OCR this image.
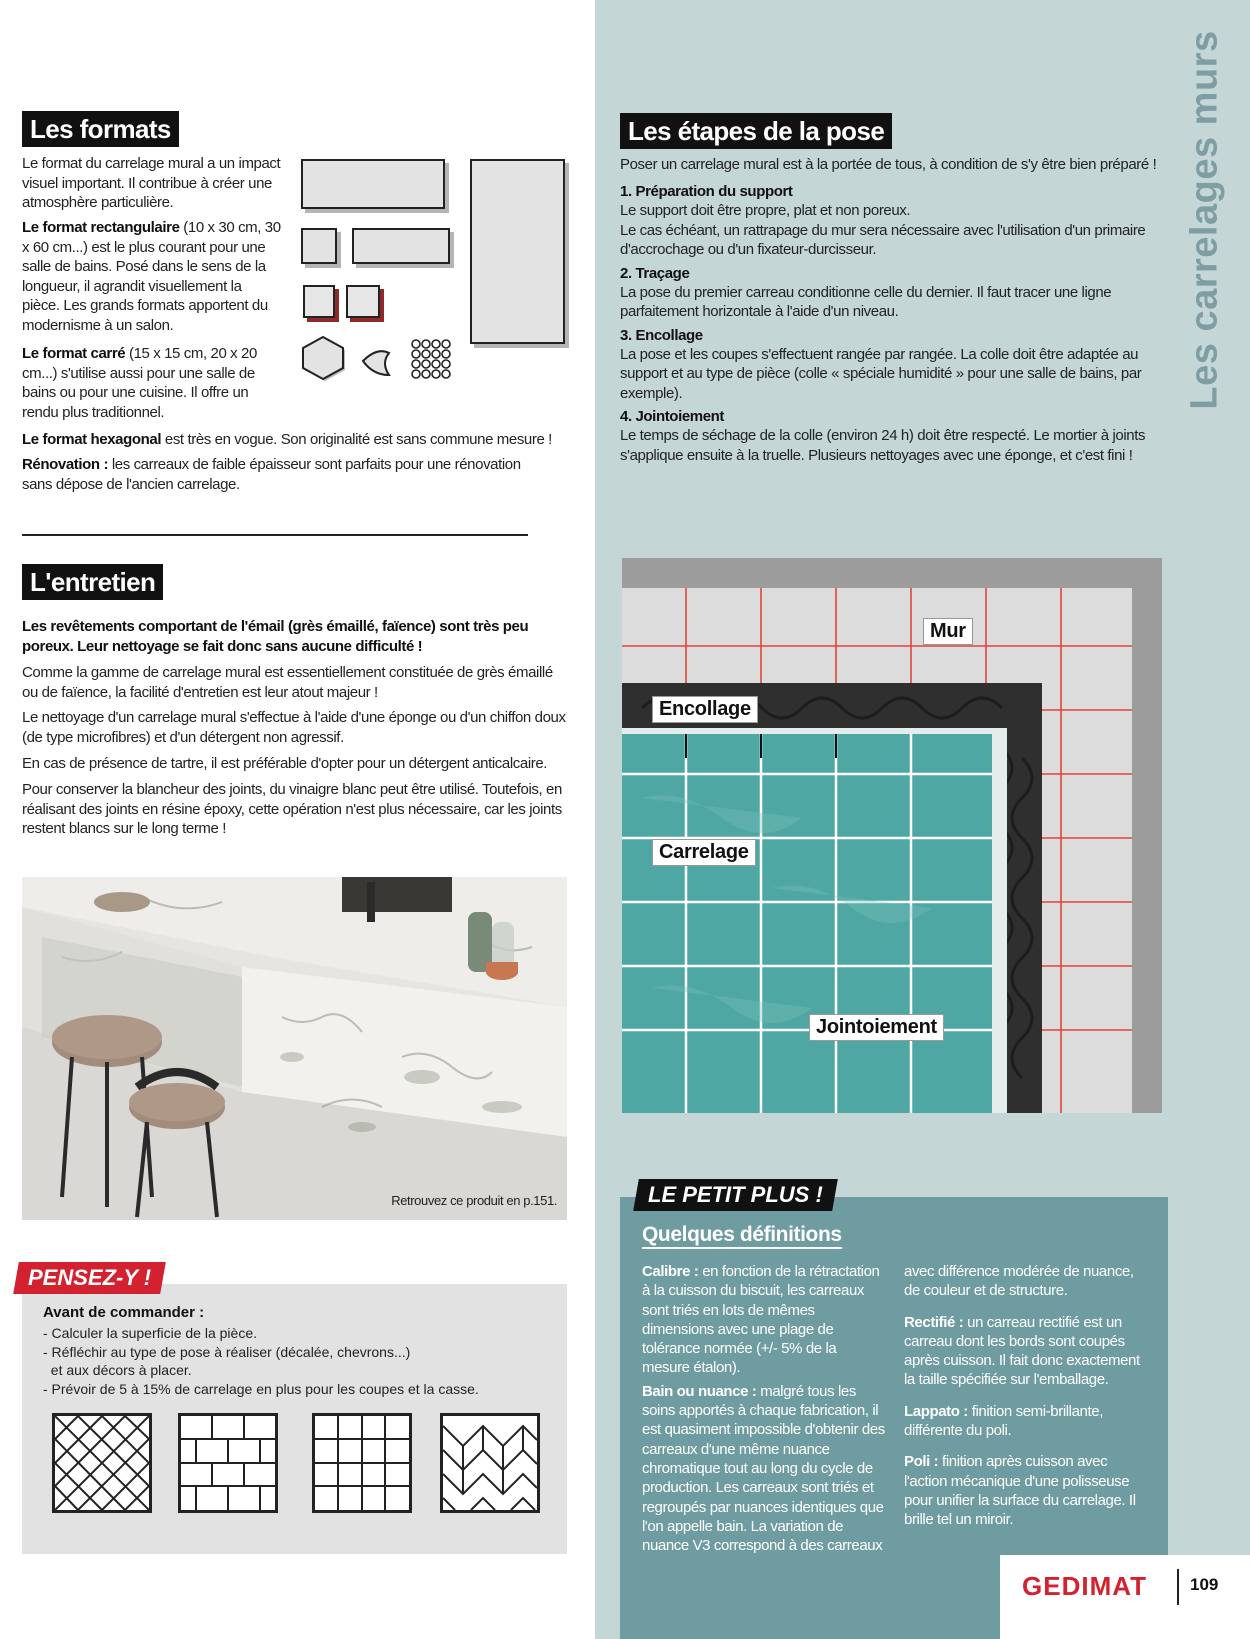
Les formats

Le format du carrelage mural a un impact visuel important. Il contribue à créer une atmosphère particulière.

Le format rectangulaire (10 x 30 cm, 30 x 60 cm...) est le plus courant pour une salle de bains. Posé dans le sens de la longueur, il agrandit visuellement la pièce. Les grands formats apportent du modernisme à un salon.

Le format carré (15 x 15 cm, 20 x 20 cm...) s'utilise aussi pour une salle de bains ou pour une cuisine. Il offre un rendu plus traditionnel.

Le format hexagonal est très en vogue. Son originalité est sans commune mesure !

Rénovation : les carreaux de faible épaisseur sont parfaits pour une rénovation sans dépose de l'ancien carrelage.

L'entretien

Les revêtements comportant de l'émail (grès émaillé, faïence) sont très peu poreux. Leur nettoyage se fait donc sans aucune difficulté !

Comme la gamme de carrelage mural est essentiellement constituée de grès émaillé ou de faïence, la facilité d'entretien est leur atout majeur !

Le nettoyage d'un carrelage mural s'effectue à l'aide d'une éponge ou d'un chiffon doux (de type microfibres) et d'un détergent non agressif.

En cas de présence de tartre, il est préférable d'opter pour un détergent anticalcaire.

Pour conserver la blancheur des joints, du vinaigre blanc peut être utilisé. Toutefois, en réalisant des joints en résine époxy, cette opération n'est plus nécessaire, car les joints restent blancs sur le long terme !

Retrouvez ce produit en p.151.
PENSEZ-Y !
Avant de commander :
- Calculer la superficie de la pièce.
- Réfléchir au type de pose à réaliser (décalée, chevrons...)
et aux décors à placer.
- Prévoir de 5 à 15% de carrelage en plus pour les coupes et la casse.
Les étapes de la pose

Poser un carrelage mural est à la portée de tous, à condition de s'y être bien préparé !

1. Préparation du support

Le support doit être propre, plat et non poreux.
Le cas échéant, un rattrapage du mur sera nécessaire avec l'utilisation d'un primaire d'accrochage ou d'un fixateur-durcisseur.

2. Traçage

La pose du premier carreau conditionne celle du dernier. Il faut tracer une ligne parfaitement horizontale à l'aide d'un niveau.

3. Encollage

La pose et les coupes s'effectuent rangée par rangée. La colle doit être adaptée au support et au type de pièce (colle « spéciale humidité » pour une salle de bains, par exemple).

4. Jointoiement

Le temps de séchage de la colle (environ 24 h) doit être respecté. Le mortier à joints s'applique ensuite à la truelle. Plusieurs nettoyages avec une éponge, et c'est fini !

Les carrelages murs
Mur
Encollage
Carrelage
Jointoiement
LE PETIT PLUS !
Quelques définitions

Calibre : en fonction de la rétractation à la cuisson du biscuit, les carreaux sont triés en lots de mêmes dimensions avec une plage de tolérance normée (+/- 5% de la mesure étalon).

Bain ou nuance : malgré tous les soins apportés à chaque fabrication, il est quasiment impossible d'obtenir des carreaux d'une même nuance chromatique tout au long du cycle de production. Les carreaux sont triés et regroupés par nuances identiques que l'on appelle bain. La variation de nuance V3 correspond à des carreaux

avec différence modérée de nuance, de couleur et de structure.

Rectifié : un carreau rectifié est un carreau dont les bords sont coupés après cuisson. Il fait donc exactement la taille spécifiée sur l'emballage.

Lappato : finition semi-brillante, différente du poli.

Poli : finition après cuisson avec l'action mécanique d'une polisseuse pour unifier la surface du carrelage. Il brille tel un miroir.

GEDIMAT	109
